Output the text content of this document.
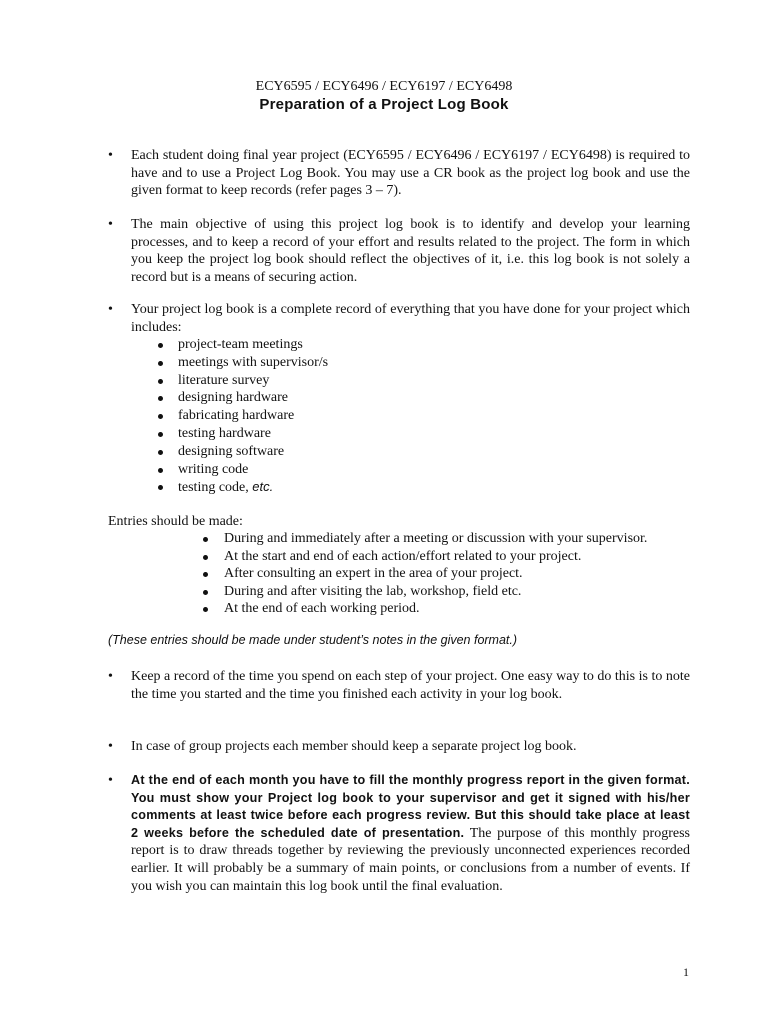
ECY6595 / ECY6496 / ECY6197 / ECY6498
Preparation of a Project Log Book
•	Each student doing final year project (ECY6595 / ECY6496 / ECY6197 / ECY6498) is required to have and to use a Project Log Book. You may use a CR book as the project log book and use the given format to keep records (refer pages 3 – 7).
•	The main objective of using this project log book is to identify and develop your learning processes, and to keep a record of your effort and results related to the project. The form in which you keep the project log book should reflect the objectives of it, i.e. this log book is not solely a record but is a means of securing action.
•	Your project log book is a complete record of everything that you have done for your project which includes:
project-team meetings
meetings with supervisor/s
literature survey
designing hardware
fabricating hardware
testing hardware
designing software
writing code
testing code, etc.
Entries should be made:
During and immediately after a meeting or discussion with your supervisor.
At the start and end of each action/effort related to your project.
After consulting an expert in the area of your project.
During and after visiting the lab, workshop, field etc.
At the end of each working period.
(These entries should be made under student’s notes in the given format.)
•	Keep a record of the time you spend on each step of your project. One easy way to do this is to note the time you started and the time you finished each activity in your log book.
•	In case of group projects each member should keep a separate project log book.
•	At the end of each month you have to fill the monthly progress report in the given format. You must show your Project log book to your supervisor and get it signed with his/her comments at least twice before each progress review. But this should take place at least 2 weeks before the scheduled date of presentation. The purpose of this monthly progress report is to draw threads together by reviewing the previously unconnected experiences recorded earlier. It will probably be a summary of main points, or conclusions from a number of events. If you wish you can maintain this log book until the final evaluation.
1
